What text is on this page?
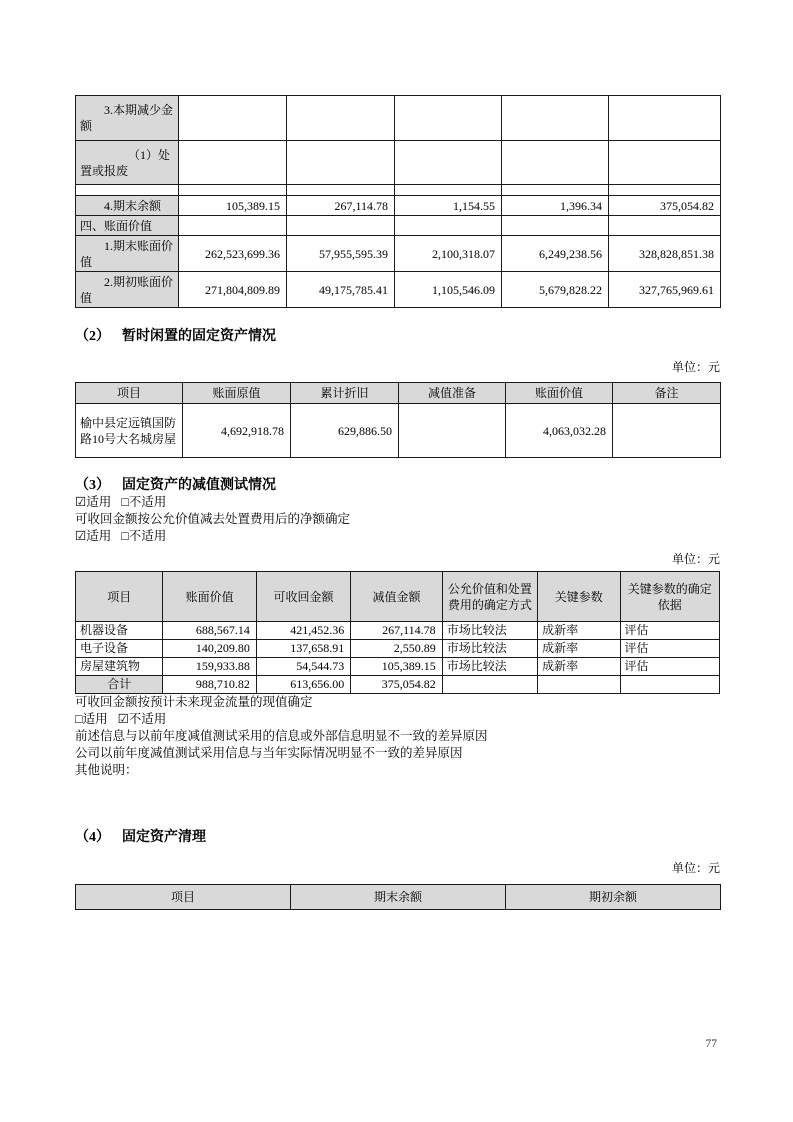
3.本期减少金额					
（1）处置或报废					

4.期末余额	105,389.15	267,114.78	1,154.55	1,396.34	375,054.82
四、账面价值					
1.期末账面价值	262,523,699.36	57,955,595.39	2,100,318.07	6,249,238.56	328,828,851.38
2.期初账面价值	271,804,809.89	49,175,785.41	1,105,546.09	5,679,828.22	327,765,969.61

（2） 暂时闲置的固定资产情况

单位：元

项目	账面原值	累计折旧	减值准备	账面价值	备注
榆中县定远镇国防路10号大名城房屋	4,692,918.78	629,886.50		4,063,032.28	

（3） 固定资产的减值测试情况

☑适用 □不适用

可收回金额按公允价值减去处置费用后的净额确定

☑适用 □不适用

单位：元

项目	账面价值	可收回金额	减值金额	公允价值和处置费用的确定方式	关键参数	关键参数的确定依据
机器设备	688,567.14	421,452.36	267,114.78	市场比较法	成新率	评估
电子设备	140,209.80	137,658.91	2,550.89	市场比较法	成新率	评估
房屋建筑物	159,933.88	54,544.73	105,389.15	市场比较法	成新率	评估
合计	988,710.82	613,656.00	375,054.82			

可收回金额按预计未来现金流量的现值确定

□适用 ☑不适用

前述信息与以前年度减值测试采用的信息或外部信息明显不一致的差异原因

公司以前年度减值测试采用信息与当年实际情况明显不一致的差异原因

其他说明：

（4） 固定资产清理

单位：元

项目	期末余额	期初余额
77
